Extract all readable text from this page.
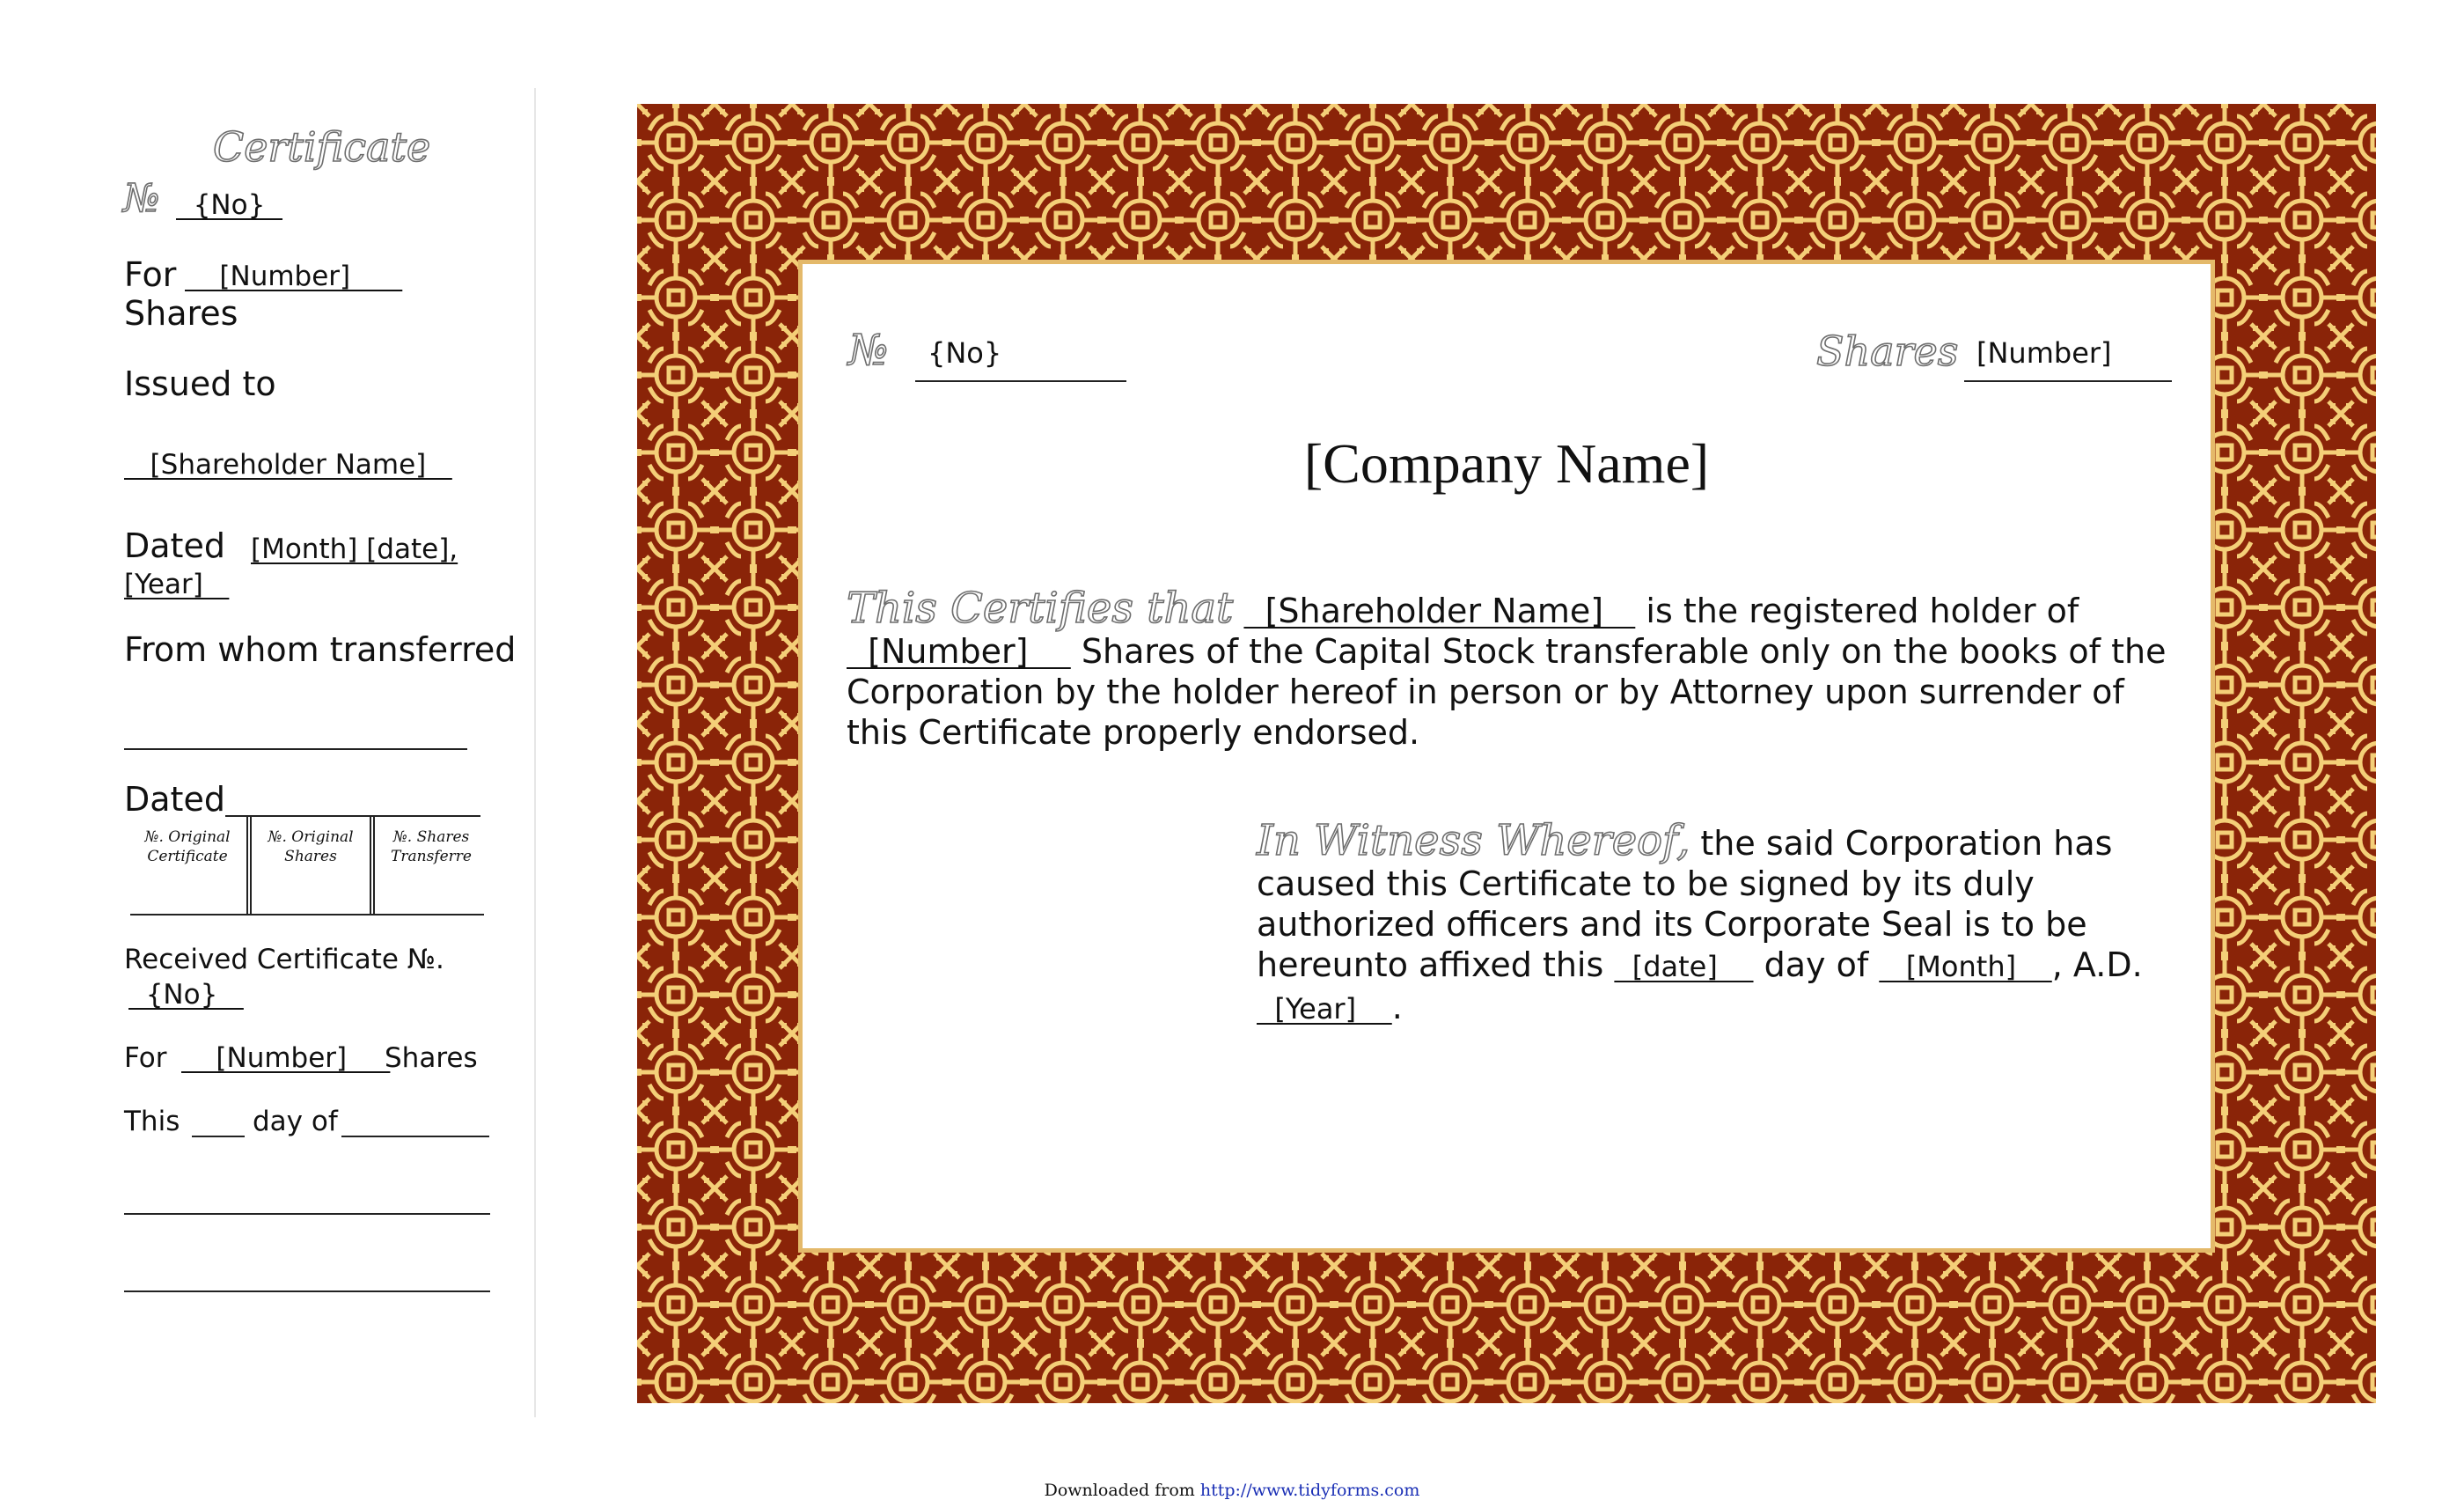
Certificate
№ {No}
For [Number]
Shares
Issued to
[Shareholder Name]
Dated [Month] [date],
[Year]
From whom transferred
Dated
№. Original Certificate
№. Original Shares
№. Shares Transferre
Received Certificate №.
{No}
For [Number]
Shares
This	day of
№ {No}	Shares [Number]
[Company Name]
This Certifies that   [Shareholder Name]    is the registered holder of   [Number]     Shares of the Capital Stock transferable only on the books of the Corporation by the holder hereof in person or by Attorney upon surrender of this Certificate properly endorsed.
In Witness Whereof, the said Corporation has caused this Certificate to be signed by its duly authorized officers and its Corporate Seal is to be hereunto affixed this   [date]     day of    [Month]    , A.D.   [Year]    .
Downloaded from http://www.tidyforms.com
